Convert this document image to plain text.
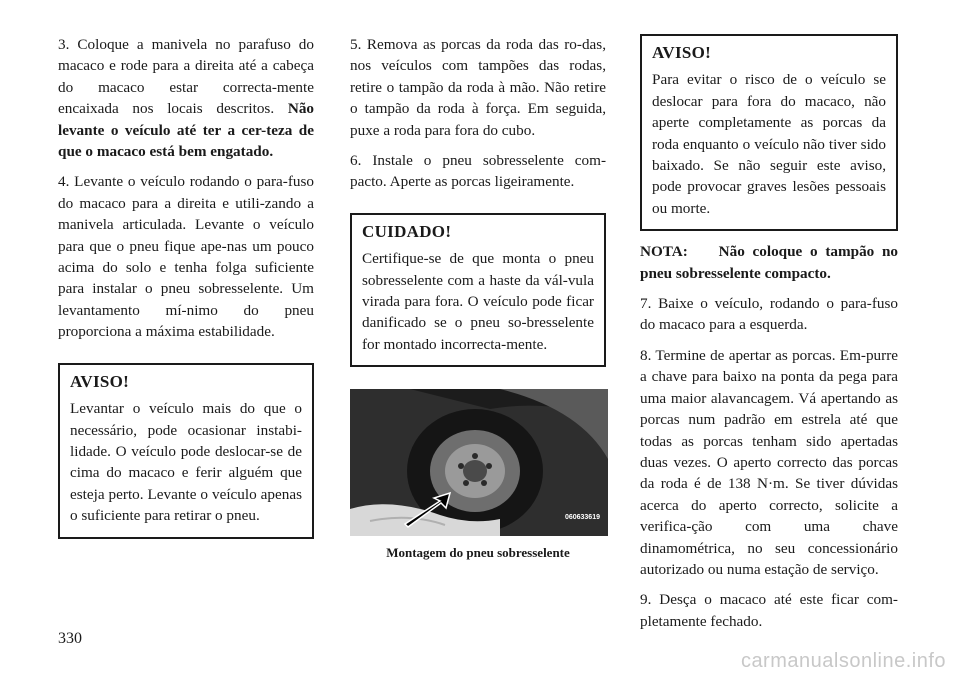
3. Coloque a manivela no parafuso do macaco e rode para a direita até a cabeça do macaco estar correcta-mente encaixada nos locais descritos. Não levante o veículo até ter a cer-teza de que o macaco está bem engatado.

4. Levante o veículo rodando o para-fuso do macaco para a direita e utili-zando a manivela articulada. Levante o veículo para que o pneu fique ape-nas um pouco acima do solo e tenha folga suficiente para instalar o pneu sobresselente. Um levantamento mí-nimo do pneu proporciona a máxima estabilidade.

AVISO!
Levantar o veículo mais do que o necessário, pode ocasionar instabi-lidade. O veículo pode deslocar-se de cima do macaco e ferir alguém que esteja perto. Levante o veículo apenas o suficiente para retirar o pneu.

5. Remova as porcas da roda das ro-das, nos veículos com tampões das rodas, retire o tampão da roda à mão. Não retire o tampão da roda à força. Em seguida, puxe a roda para fora do cubo.

6. Instale o pneu sobresselente com-pacto. Aperte as porcas ligeiramente.

CUIDADO!
Certifique-se de que monta o pneu sobresselente com a haste da vál-vula virada para fora. O veículo pode ficar danificado se o pneu so-bresselente for montado incorrecta-mente.
060633619
Montagem do pneu sobresselente
AVISO!
Para evitar o risco de o veículo se deslocar para fora do macaco, não aperte completamente as porcas da roda enquanto o veículo não tiver sido baixado. Se não seguir este aviso, pode provocar graves lesões pessoais ou morte.

NOTA: Não coloque o tampão no pneu sobresselente compacto.

7. Baixe o veículo, rodando o para-fuso do macaco para a esquerda.

8. Termine de apertar as porcas. Em-purre a chave para baixo na ponta da pega para uma maior alavancagem. Vá apertando as porcas num padrão em estrela até que todas as porcas tenham sido apertadas duas vezes. O aperto correcto das porcas da roda é de 138 N·m. Se tiver dúvidas acerca do aperto correcto, solicite a verifica-ção com uma chave dinamométrica, no seu concessionário autorizado ou numa estação de serviço.

9. Desça o macaco até este ficar com-pletamente fechado.

330
carmanualsonline.info
